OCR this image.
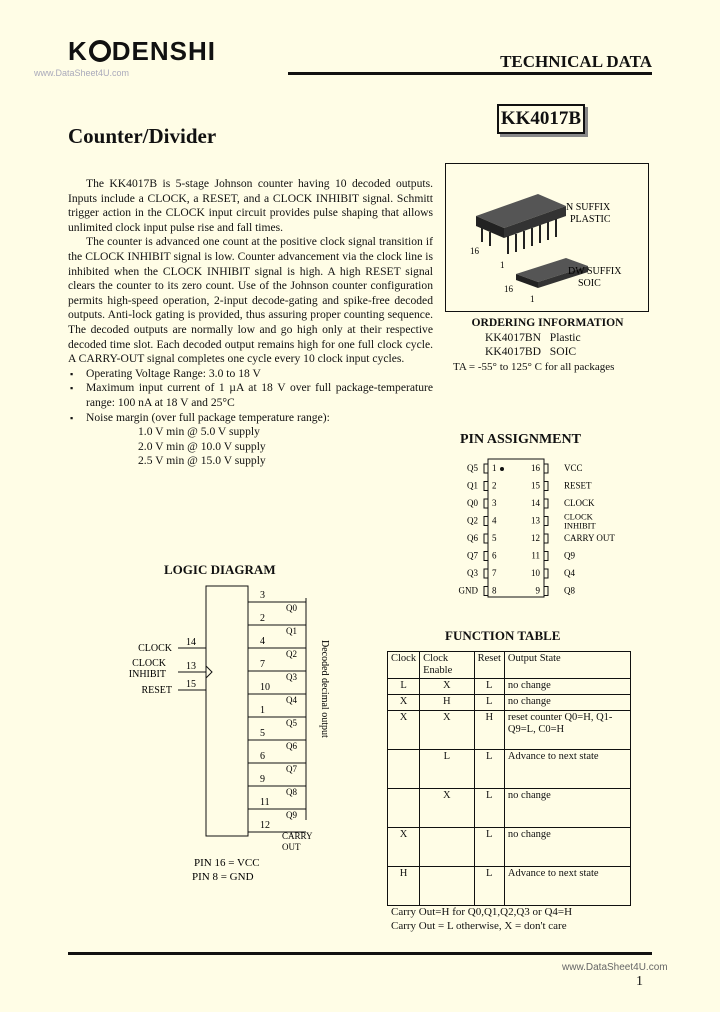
K DENSHI
www.DataSheet4U.com
TECHNICAL DATA
KK4017B
Counter/Divider

The KK4017B is 5-stage Johnson counter having 10 decoded outputs. Inputs include a CLOCK, a RESET, and a CLOCK INHIBIT signal. Schmitt trigger action in the CLOCK input circuit provides pulse shaping that allows unlimited clock input pulse rise and fall times.

The counter is advanced one count at the positive clock signal transition if the CLOCK INHIBIT signal is low. Counter advancement via the clock line is inhibited when the CLOCK INHIBIT signal is high. A high RESET signal clears the counter to its zero count. Use of the Johnson counter configuration permits high-speed operation, 2-input decode-gating and spike-free decoded outputs. Anti-lock gating is provided, thus assuring proper counting sequence. The decoded outputs are normally low and go high only at their respective decoded time slot. Each decoded output remains high for one full clock cycle. A CARRY-OUT signal completes one cycle every 10 clock input cycles.

▪ Operating Voltage Range: 3.0 to 18 V
▪ Maximum input current of 1 µA at 18 V over full package-temperature range: 100 nA at 18 V and 25°C
▪ Noise margin (over full package temperature range):
1.0 V min @ 5.0 V supply
2.0 V min @ 10.0 V supply
2.5 V min @ 15.0 V supply
16
1
16
1
N SUFFIX
PLASTIC
DW SUFFIX
SOIC
ORDERING INFORMATION
KK4017BN Plastic
KK4017BD SOIC
TA = -55° to 125° C for all packages
PIN ASSIGNMENT
Q5 1
Q1 2
Q0 3
Q2 4
Q6 5
Q7 6
Q3 7
GND 8
16	VCC
15	RESET
14	CLOCK
13	CLOCK
INHIBIT
12	CARRY OUT
11	Q9
10	Q4
9	Q8
LOGIC DIAGRAM
14
CLOCK
13
CLOCK
INHIBIT
15
RESET
3
Q0
2
Q1
4
Q2
7
Q3
10
Q4
1
Q5
5
Q6
6
Q7
9
Q8
11
Q9
12
CARRY
OUT
Decoded decimal output
PIN 16 = VCC
PIN 8 = GND
FUNCTION TABLE
Clock	Clock Enable	Reset	Output State
L	X	L	no change
X	H	L	no change
X	X	H	reset counter Q0=H, Q1-Q9=L, C0=H
	L	L	Advance to next state
	X	L	no change
X		L	no change
H		L	Advance to next state
Carry Out=H for Q0,Q1,Q2,Q3 or Q4=H
Carry Out = L otherwise, X = don't care
www.DataSheet4U.com
1
